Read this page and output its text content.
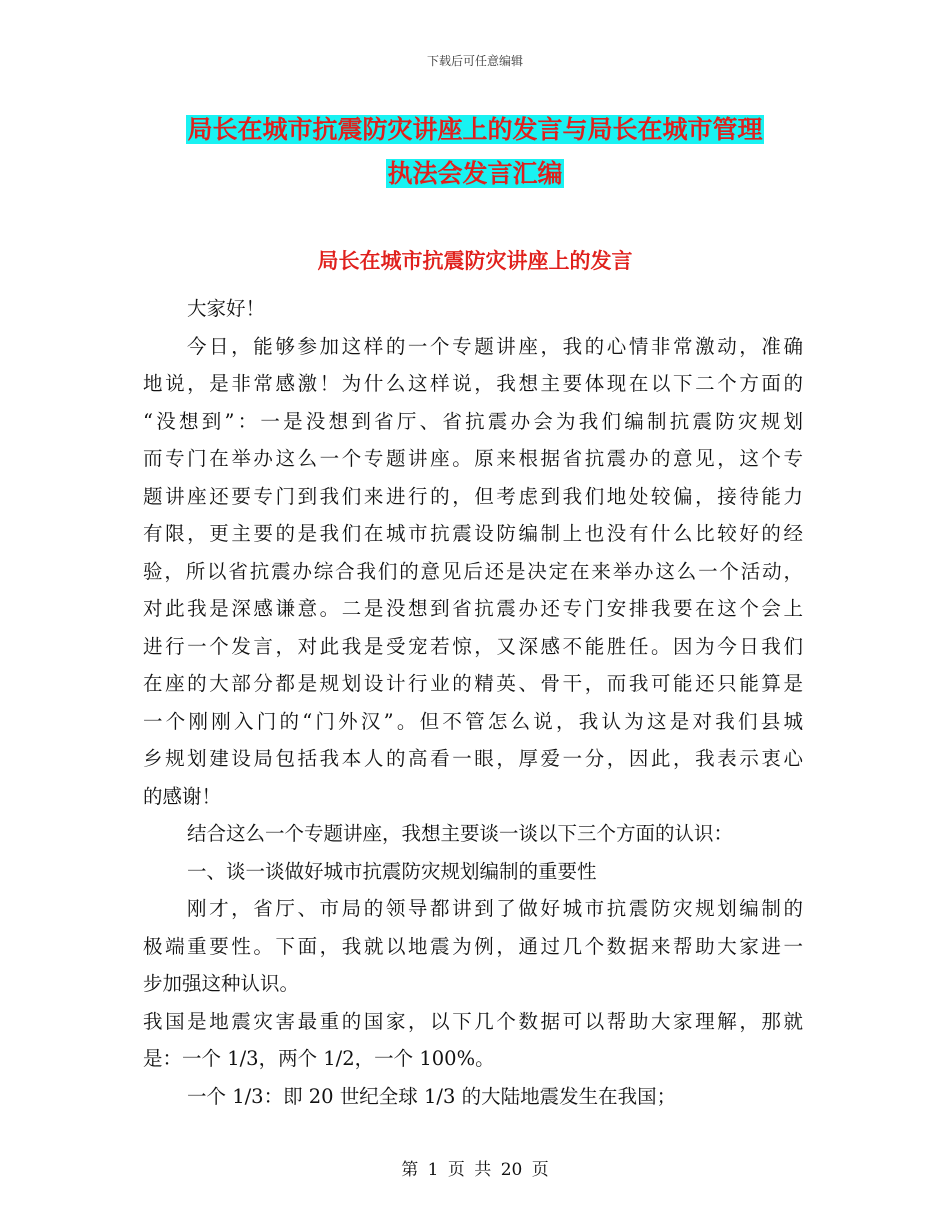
下载后可任意编辑
局长在城市抗震防灾讲座上的发言与局长在城市管理
执法会发言汇编
局长在城市抗震防灾讲座上的发言
大家好！
今日，能够参加这样的一个专题讲座，我的心情非常激动，准确
地说，是非常感激！为什么这样说，我想主要体现在以下二个方面的
“没想到”：一是没想到省厅、省抗震办会为我们编制抗震防灾规划
而专门在举办这么一个专题讲座。原来根据省抗震办的意见，这个专
题讲座还要专门到我们来进行的，但考虑到我们地处较偏，接待能力
有限，更主要的是我们在城市抗震设防编制上也没有什么比较好的经
验，所以省抗震办综合我们的意见后还是决定在来举办这么一个活动，
对此我是深感谦意。二是没想到省抗震办还专门安排我要在这个会上
进行一个发言，对此我是受宠若惊，又深感不能胜任。因为今日我们
在座的大部分都是规划设计行业的精英、骨干，而我可能还只能算是
一个刚刚入门的“门外汉”。但不管怎么说，我认为这是对我们县城
乡规划建设局包括我本人的高看一眼，厚爱一分，因此，我表示衷心
的感谢！
结合这么一个专题讲座，我想主要谈一谈以下三个方面的认识：
一、谈一谈做好城市抗震防灾规划编制的重要性
刚才，省厅、市局的领导都讲到了做好城市抗震防灾规划编制的
极端重要性。下面，我就以地震为例，通过几个数据来帮助大家进一
步加强这种认识。
我国是地震灾害最重的国家，以下几个数据可以帮助大家理解，那就
是：一个 1/3，两个 1/2，一个 100%。
一个 1/3：即 20 世纪全球 1/3 的大陆地震发生在我国；
第 1 页 共 20 页
